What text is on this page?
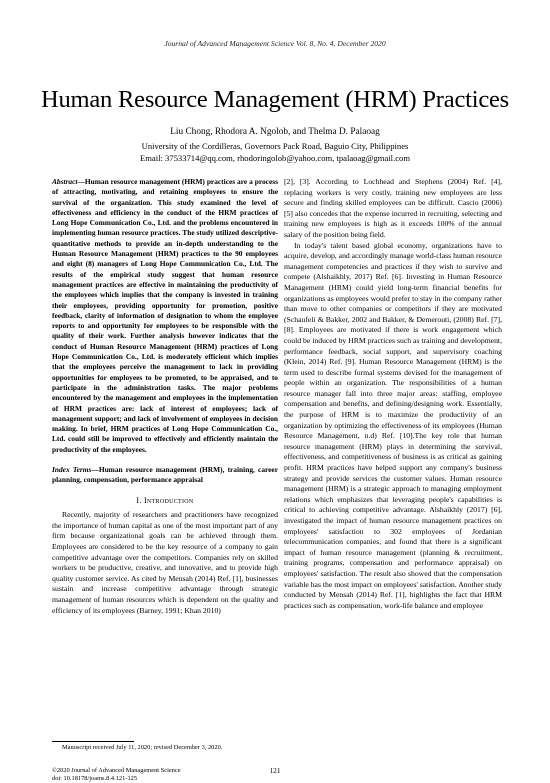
Journal of Advanced Management Science Vol. 8, No. 4, December 2020
Human Resource Management (HRM) Practices
Liu Chong, Rhodora A. Ngolob, and Thelma D. Palaoag
University of the Cordilleras, Governors Pack Road, Baguio City, Philippines
Email: 37533714@qq.com, rhodoringolob@yahoo.com, tpalaoag@gmail.com

Abstract—Human resource management (HRM) practices are a process of attracting, motivating, and retaining employees to ensure the survival of the organization. This study examined the level of effectiveness and efficiency in the conduct of the HRM practices of Long Hope Communication Co., Ltd. and the problems encountered in implementing human resource practices. The study utilized descriptive- quantitative methods to provide an in-depth understanding to the Human Resource Management (HRM) practices to the 90 employees and eight (8) managers of Long Hope Communication Co., Ltd. The results of the empirical study suggest that human resource management practices are effective in maintaining the productivity of the employees which implies that the company is invested in training their employees, providing opportunity for promotion, positive feedback, clarity of information of designation to whom the employee reports to and opportunity for employees to be responsible with the quality of their work. Further analysis however indicates that the conduct of Human Resource Management (HRM) practices of Long Hope Communication Co., Ltd. is moderately efficient which implies that the employees perceive the management to lack in providing opportunities for employees to be promoted, to be appraised, and to participate in the administration tasks. The major problems encountered by the management and employees in the implementation of HRM practices are: lack of interest of employees; lack of management support; and lack of involvement of employees in decision making. In brief, HRM practices of Long Hope Communication Co., Ltd. could still be improved to effectively and efficiently maintain the productivity of the employees.

Index Terms—Human resource management (HRM), training, career planning, compensation, performance appraisal

I. Introduction

Recently, majority of researchers and practitioners have recognized the importance of human capital as one of the most important part of any firm because organizational goals can be achieved through them. Employees are considered to be the key resource of a company to gain competitive advantage over the competitors. Companies rely on skilled workers to be productive, creative, and innovative, and to provide high quality customer service. As cited by Mensah (2014) Ref. [1], businesses sustain and increase competitive advantage through strategic management of human resources which is dependent on the quality and efficiency of its employees (Barney, 1991; Khan 2010)

[2], [3]. According to Lochhead and Stephens (2004) Ref. [4], replacing workers is very costly, training new employees are less secure and finding skilled employees can be difficult. Cascio (2006) [5] also concedes that the expense incurred in recruiting, selecting and training new employees is high as it exceeds 100% of the annual salary of the position being field.

In today's talent based global economy, organizations have to acquire, develop, and accordingly manage world-class human resource management competencies and practices if they wish to survive and compete (Alshaikhly, 2017) Ref. [6]. Investing in Human Resource Management (HRM) could yield long-term financial benefits for organizations as employees would prefer to stay in the company rather than move to other companies or competitors if they are motivated (Schaufeli & Bakker, 2002 and Bakker, & Demerouti, (2008) Ref. [7], [8]. Employees are motivated if there is work engagement which could be induced by HRM practices such as training and development, performance feedback, social support, and supervisory coaching (Klein, 2014) Ref. [9]. Human Resource Management (HRM) is the term used to describe formal systems devised for the management of people within an organization. The responsibilities of a human resource manager fall into three major areas: staffing, employee compensation and benefits, and defining/designing work. Essentially, the purpose of HRM is to maximize the productivity of an organization by optimizing the effectiveness of its employees (Human Resource Management, n.d) Ref. [10].The key role that human resource management (HRM) plays in determining the survival, effectiveness, and competitiveness of business is as critical as gaining profit. HRM practices have helped support any company's business strategy and provide services the customer values. Human resource management (HRM) is a strategic approach to managing employment relations which emphasizes that leveraging people's capabilities is critical to achieving competitive advantage. Alshaikhly (2017) [6], investigated the impact of human resource management practices on employees' satisfaction to 302 employees of Jordanian telecommunication companies, and found that there is a significant impact of human resource management (planning & recruitment, training programs, compensation and performance appraisal) on employees' satisfaction. The result also showed that the compensation variable has the most impact on employees' satisfaction. Another study conducted by Mensah (2014) Ref. [1], highlights the fact that HRM practices such as compensation, work-life balance and employee

Manuscript received July 11, 2020; revised December 3, 2020.
©2020 Journal of Advanced Management Science
doi: 10.18178/joams.8.4.121-125
121
